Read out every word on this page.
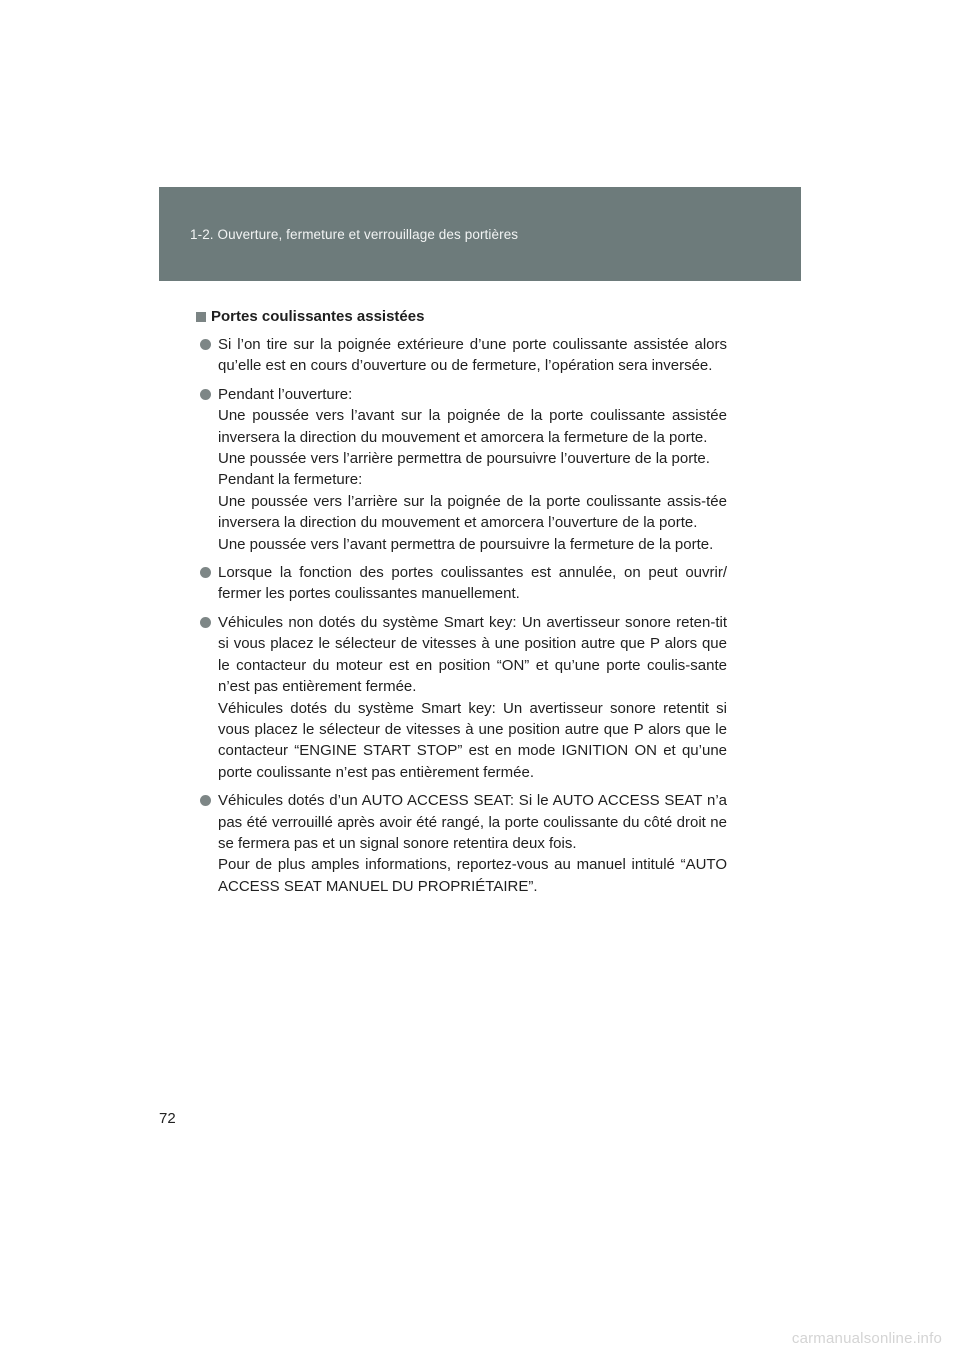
1-2. Ouverture, fermeture et verrouillage des portières
Portes coulissantes assistées
Si l’on tire sur la poignée extérieure d’une porte coulissante assistée alors qu’elle est en cours d’ouverture ou de fermeture, l’opération sera inversée.
Pendant l’ouverture:
Une poussée vers l’avant sur la poignée de la porte coulissante assistée inversera la direction du mouvement et amorcera la fermeture de la porte.
Une poussée vers l’arrière permettra de poursuivre l’ouverture de la porte.
Pendant la fermeture:
Une poussée vers l’arrière sur la poignée de la porte coulissante assis-tée inversera la direction du mouvement et amorcera l’ouverture de la porte.
Une poussée vers l’avant permettra de poursuivre la fermeture de la porte.
Lorsque la fonction des portes coulissantes est annulée, on peut ouvrir/ fermer les portes coulissantes manuellement.
Véhicules non dotés du système Smart key: Un avertisseur sonore reten-tit si vous placez le sélecteur de vitesses à une position autre que P alors que le contacteur du moteur est en position “ON” et qu’une porte coulis-sante n’est pas entièrement fermée.
Véhicules dotés du système Smart key: Un avertisseur sonore retentit si vous placez le sélecteur de vitesses à une position autre que P alors que le contacteur “ENGINE START STOP” est en mode IGNITION ON et qu’une porte coulissante n’est pas entièrement fermée.
Véhicules dotés d’un AUTO ACCESS SEAT: Si le AUTO ACCESS SEAT n’a pas été verrouillé après avoir été rangé, la porte coulissante du côté droit ne se fermera pas et un signal sonore retentira deux fois.
Pour de plus amples informations, reportez-vous au manuel intitulé “AUTO ACCESS SEAT MANUEL DU PROPRIÉTAIRE”.
72
carmanualsonline.info
